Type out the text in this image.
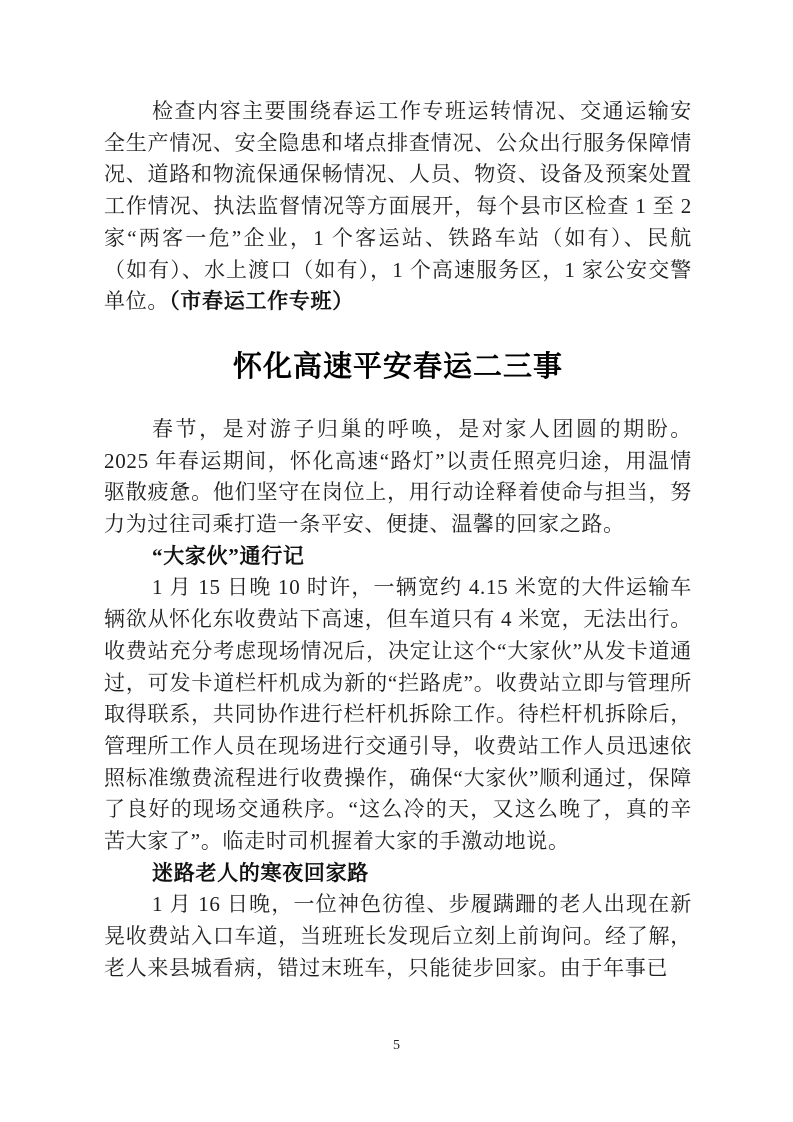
检查内容主要围绕春运工作专班运转情况、交通运输安全生产情况、安全隐患和堵点排查情况、公众出行服务保障情况、道路和物流保通保畅情况、人员、物资、设备及预案处置工作情况、执法监督情况等方面展开，每个县市区检查 1 至 2 家“两客一危”企业，1 个客运站、铁路车站（如有）、民航（如有）、水上渡口（如有），1 个高速服务区，1 家公安交警单位。（市春运工作专班）

怀化高速平安春运二三事

春节，是对游子归巢的呼唤，是对家人团圆的期盼。2025 年春运期间，怀化高速“路灯”以责任照亮归途，用温情驱散疲惫。他们坚守在岗位上，用行动诠释着使命与担当，努力为过往司乘打造一条平安、便捷、温馨的回家之路。

“大家伙”通行记

1 月 15 日晚 10 时许，一辆宽约 4.15 米宽的大件运输车辆欲从怀化东收费站下高速，但车道只有 4 米宽，无法出行。收费站充分考虑现场情况后，决定让这个“大家伙”从发卡道通过，可发卡道栏杆机成为新的“拦路虎”。收费站立即与管理所取得联系，共同协作进行栏杆机拆除工作。待栏杆机拆除后，管理所工作人员在现场进行交通引导，收费站工作人员迅速依照标准缴费流程进行收费操作，确保“大家伙”顺利通过，保障了良好的现场交通秩序。“这么冷的天，又这么晚了，真的辛苦大家了”。临走时司机握着大家的手激动地说。

迷路老人的寒夜回家路

1 月 16 日晚，一位神色彷徨、步履蹒跚的老人出现在新晃收费站入口车道，当班班长发现后立刻上前询问。经了解，老人来县城看病，错过末班车，只能徒步回家。由于年事已

5
